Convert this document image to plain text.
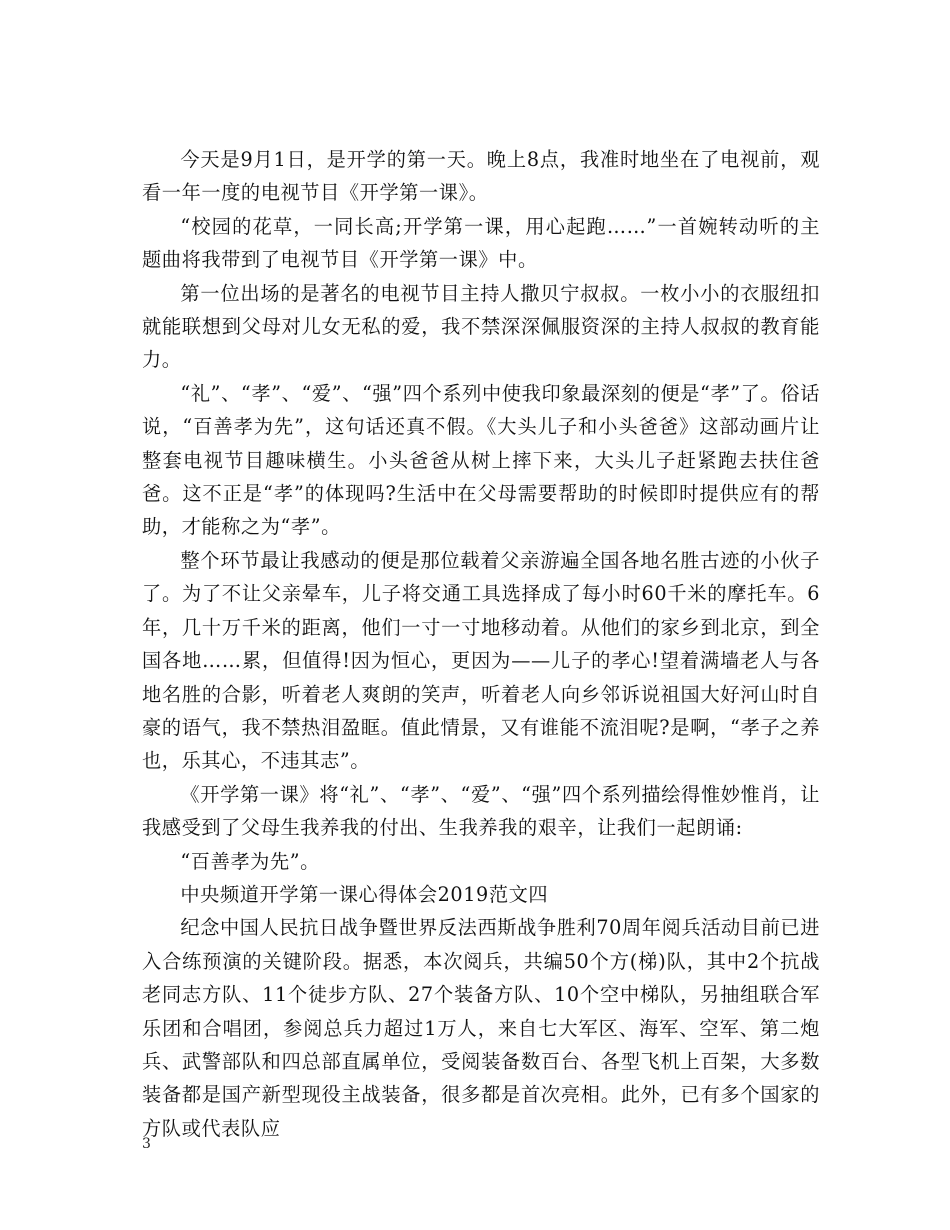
今天是9月1日，是开学的第一天。晚上8点，我准时地坐在了电视前，观看一年一度的电视节目《开学第一课》。

“校园的花草，一同长高;开学第一课，用心起跑……”一首婉转动听的主题曲将我带到了电视节目《开学第一课》中。

第一位出场的是著名的电视节目主持人撒贝宁叔叔。一枚小小的衣服纽扣就能联想到父母对儿女无私的爱，我不禁深深佩服资深的主持人叔叔的教育能力。

“礼”、“孝”、“爱”、“强”四个系列中使我印象最深刻的便是“孝”了。俗话说，“百善孝为先”，这句话还真不假。《大头儿子和小头爸爸》这部动画片让整套电视节目趣味横生。小头爸爸从树上摔下来，大头儿子赶紧跑去扶住爸爸。这不正是“孝”的体现吗?生活中在父母需要帮助的时候即时提供应有的帮助，才能称之为“孝”。

整个环节最让我感动的便是那位载着父亲游遍全国各地名胜古迹的小伙子了。为了不让父亲晕车，儿子将交通工具选择成了每小时60千米的摩托车。6年，几十万千米的距离，他们一寸一寸地移动着。从他们的家乡到北京，到全国各地……累，但值得!因为恒心，更因为——儿子的孝心!望着满墙老人与各地名胜的合影，听着老人爽朗的笑声，听着老人向乡邻诉说祖国大好河山时自豪的语气，我不禁热泪盈眶。值此情景，又有谁能不流泪呢?是啊，“孝子之养也，乐其心，不违其志”。

《开学第一课》将“礼”、“孝”、“爱”、“强”四个系列描绘得惟妙惟肖，让我感受到了父母生我养我的付出、生我养我的艰辛，让我们一起朗诵:

“百善孝为先”。

中央频道开学第一课心得体会2019范文四

纪念中国人民抗日战争暨世界反法西斯战争胜利70周年阅兵活动目前已进入合练预演的关键阶段。据悉，本次阅兵，共编50个方(梯)队，其中2个抗战老同志方队、11个徒步方队、27个装备方队、10个空中梯队，另抽组联合军乐团和合唱团，参阅总兵力超过1万人，来自七大军区、海军、空军、第二炮兵、武警部队和四总部直属单位，受阅装备数百台、各型飞机上百架，大多数装备都是国产新型现役主战装备，很多都是首次亮相。此外，已有多个国家的方队或代表队应

3
